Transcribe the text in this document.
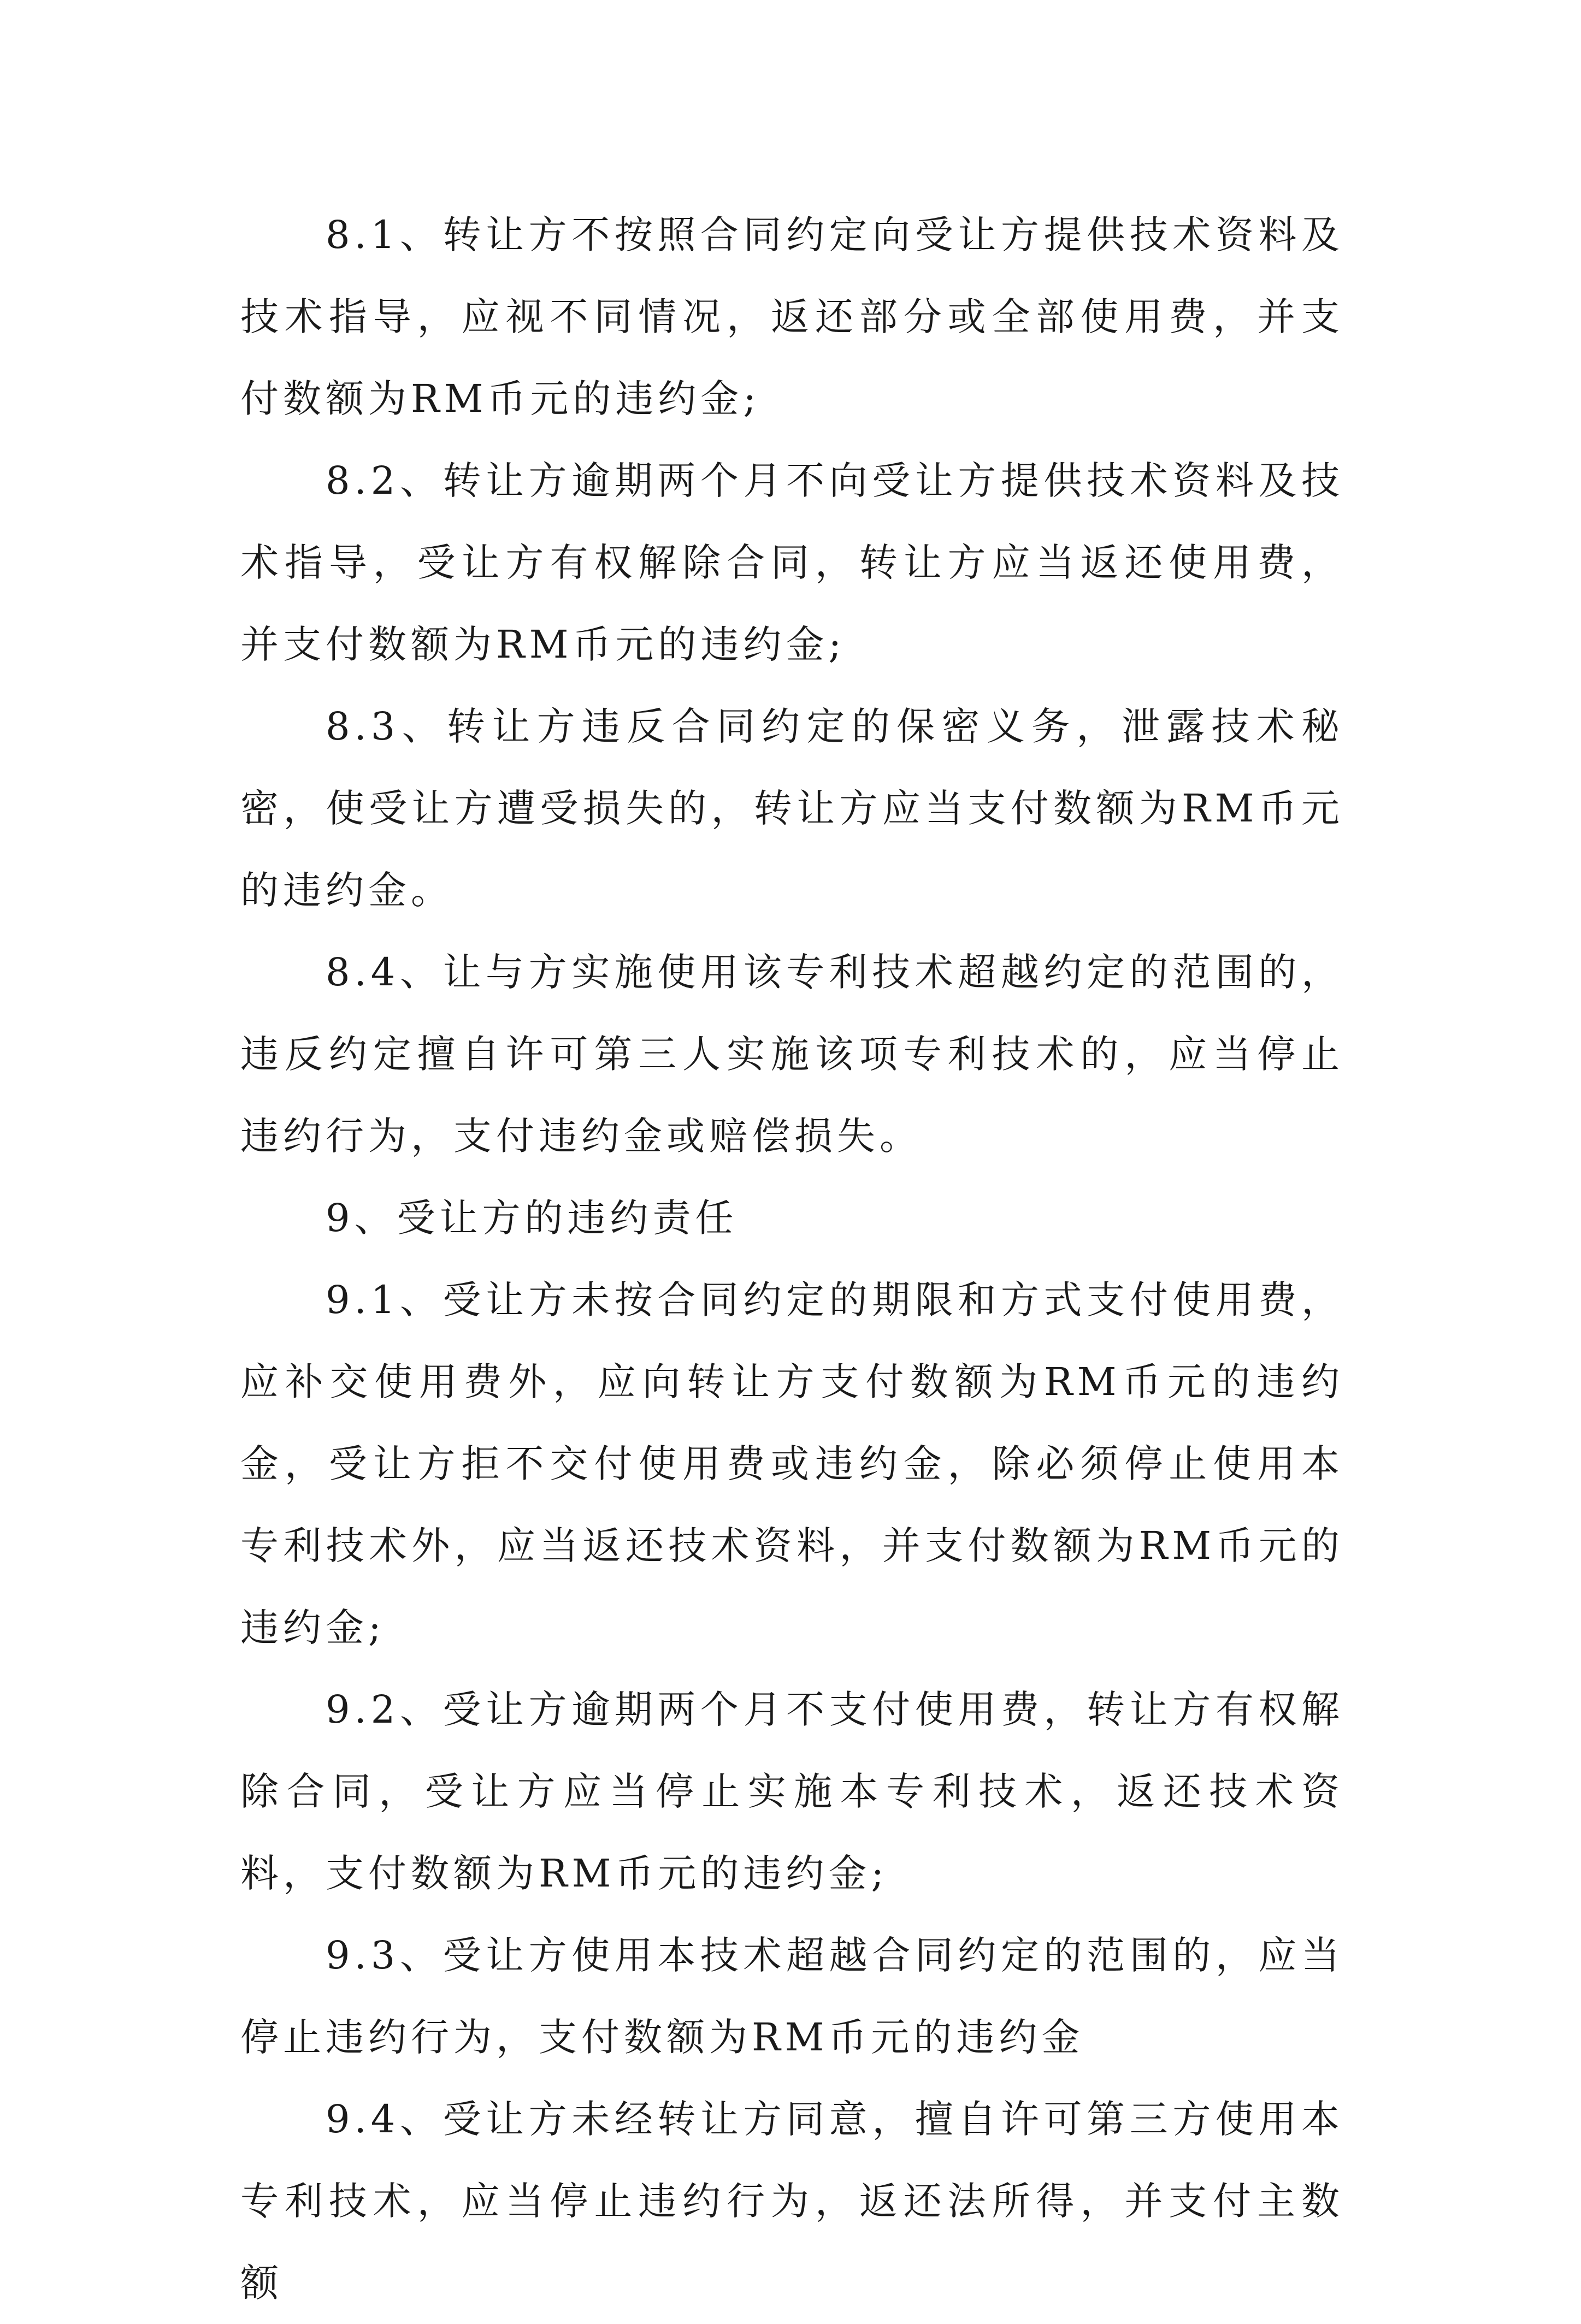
8.1、转让方不按照合同约定向受让方提供技术资料及技术指导，应视不同情况，返还部分或全部使用费，并支付数额为RM币元的违约金;

8.2、转让方逾期两个月不向受让方提供技术资料及技术指导，受让方有权解除合同，转让方应当返还使用费，并支付数额为RM币元的违约金;

8.3、转让方违反合同约定的保密义务，泄露技术秘密，使受让方遭受损失的，转让方应当支付数额为RM币元的违约金。

8.4、让与方实施使用该专利技术超越约定的范围的，违反约定擅自许可第三人实施该项专利技术的，应当停止违约行为，支付违约金或赔偿损失。

9、受让方的违约责任

9.1、受让方未按合同约定的期限和方式支付使用费，应补交使用费外，应向转让方支付数额为RM币元的违约金，受让方拒不交付使用费或违约金，除必须停止使用本专利技术外，应当返还技术资料，并支付数额为RM币元的违约金;

9.2、受让方逾期两个月不支付使用费，转让方有权解除合同，受让方应当停止实施本专利技术，返还技术资料，支付数额为RM币元的违约金;

9.3、受让方使用本技术超越合同约定的范围的，应当停止违约行为，支付数额为RM币元的违约金

9.4、受让方未经转让方同意，擅自许可第三方使用本专利技术，应当停止违约行为，返还法所得，并支付主数额
